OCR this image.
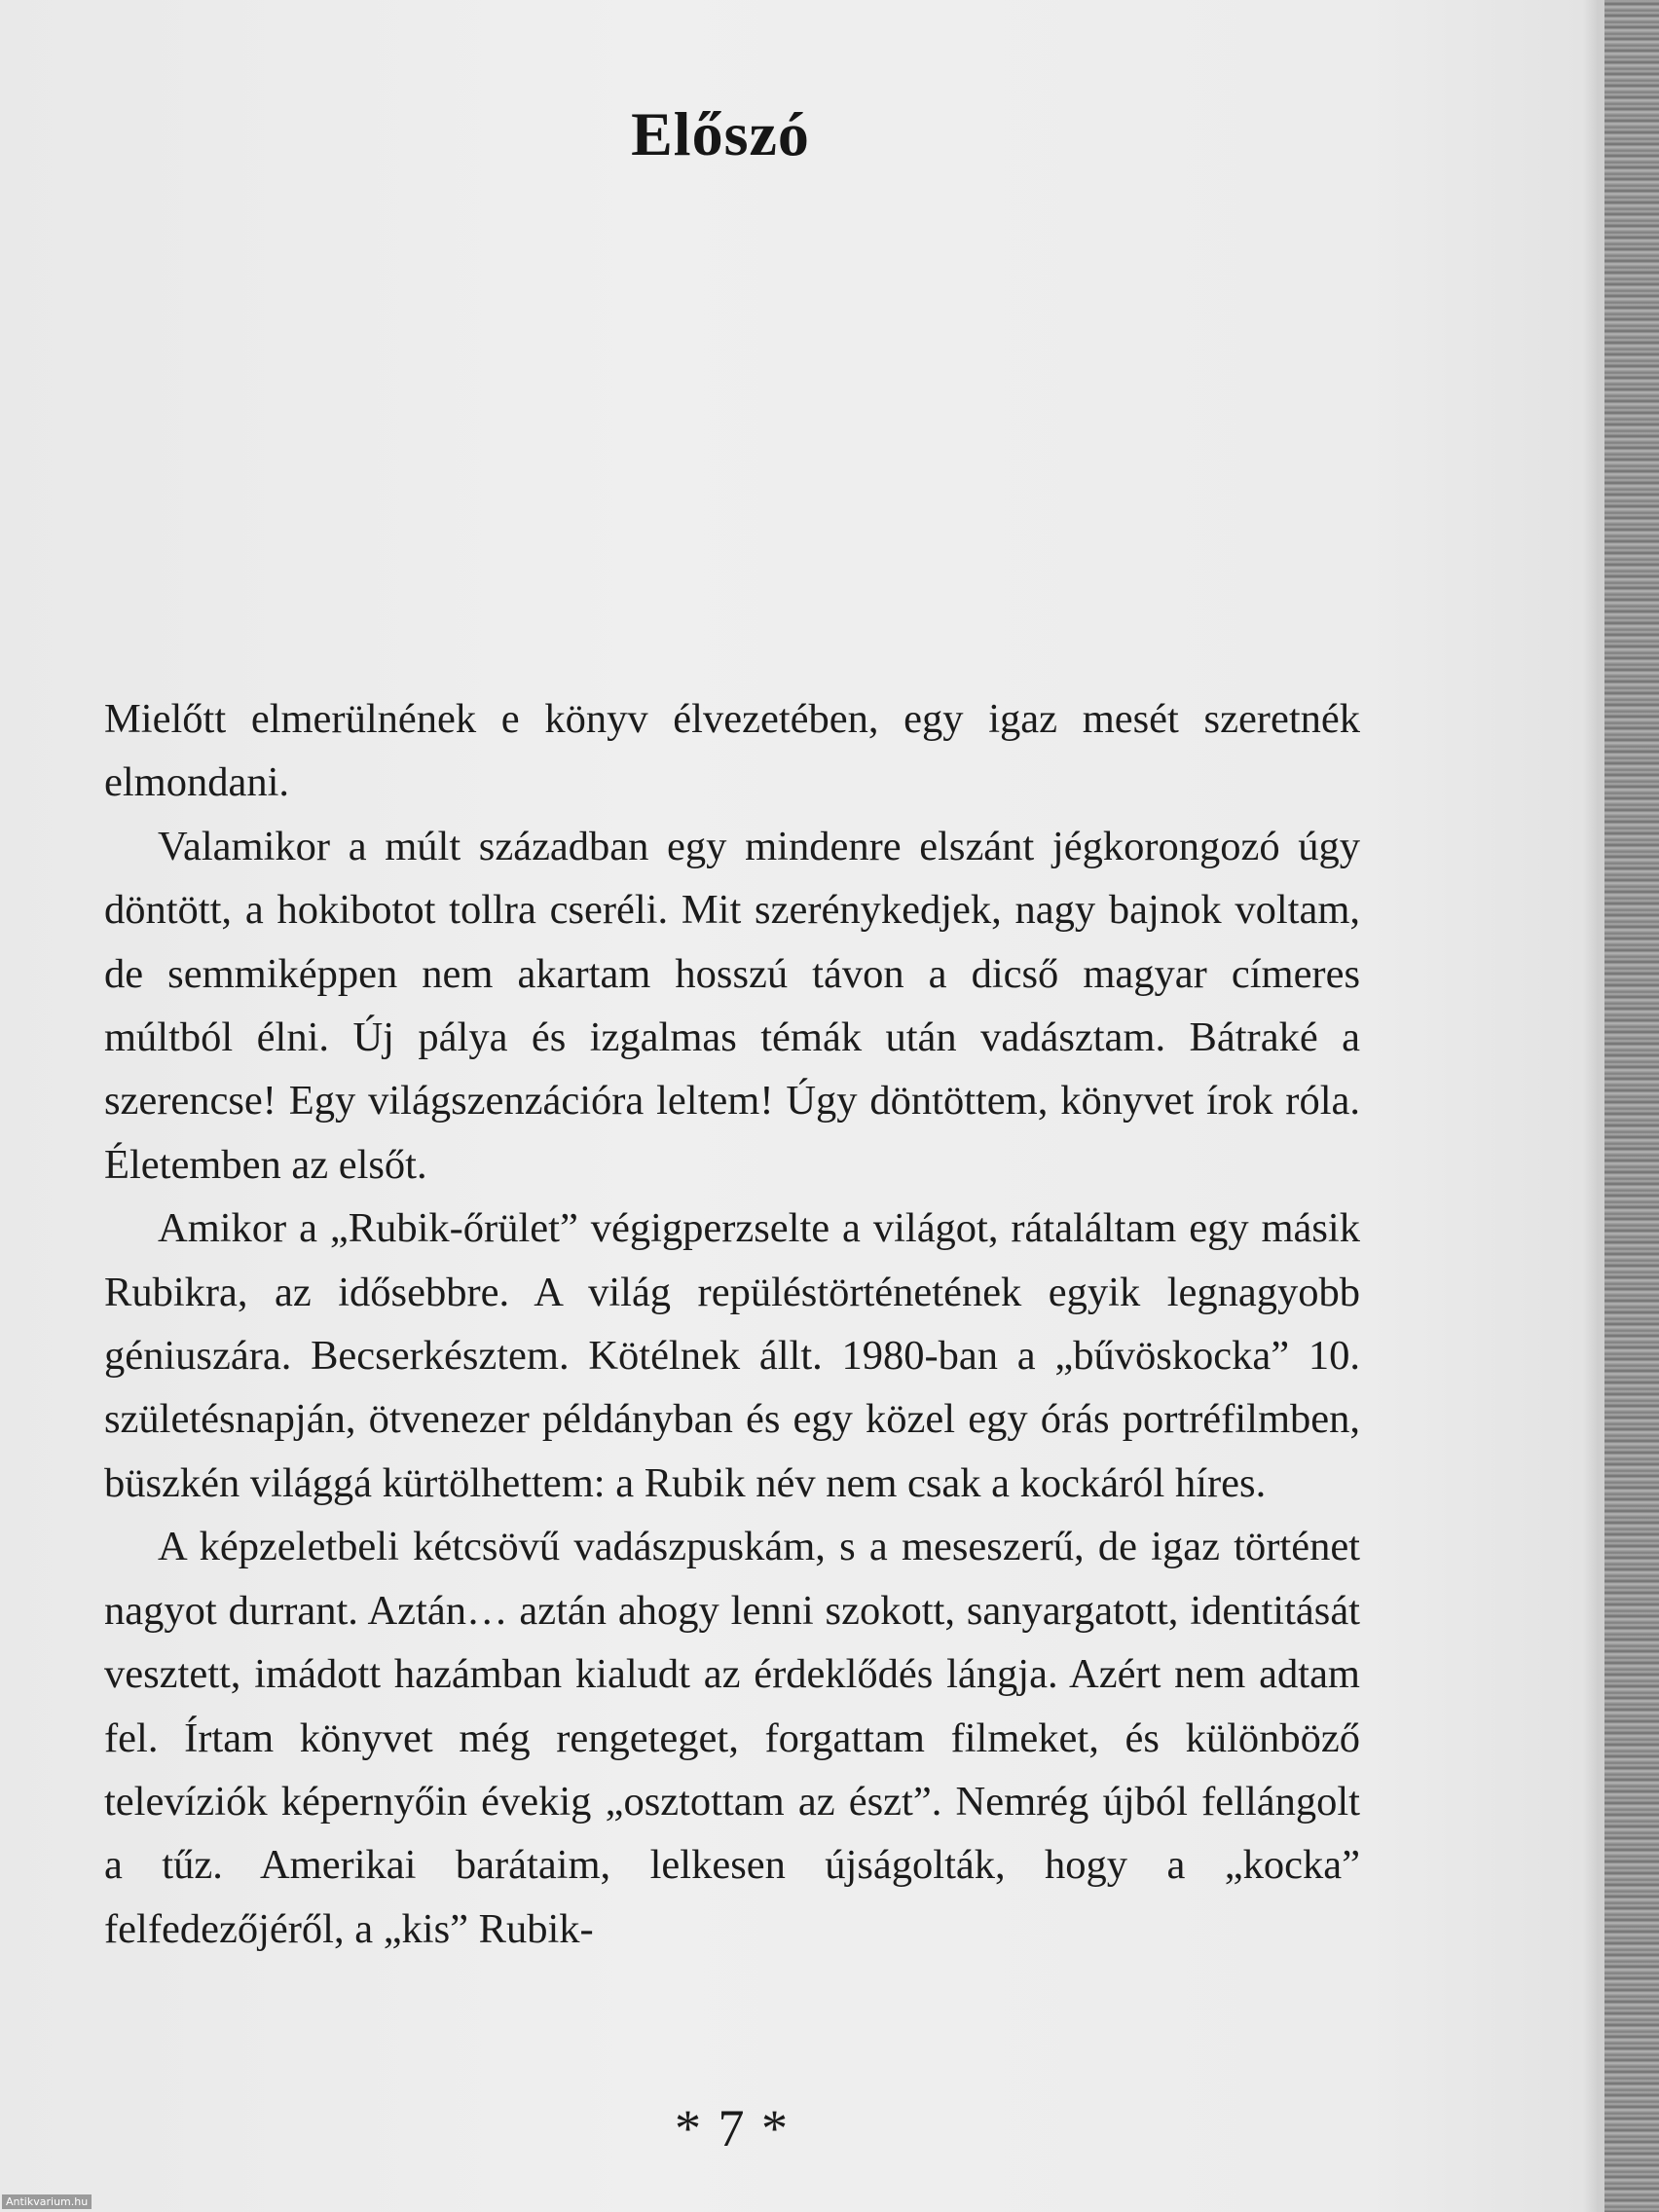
Előszó

Mielőtt elmerülnének e könyv élvezetében, egy igaz mesét szeretnék elmondani.

Valamikor a múlt században egy mindenre elszánt jégkorongozó úgy döntött, a hokibotot tollra cseréli. Mit szerénykedjek, nagy bajnok voltam, de semmiképpen nem akartam hosszú távon a dicső magyar címeres múltból élni. Új pálya és izgalmas témák után vadásztam. Bátraké a szerencse! Egy világszenzációra leltem! Úgy döntöttem, könyvet írok róla. Életemben az elsőt.

Amikor a „Rubik-őrület” végigperzselte a világot, rátaláltam egy másik Rubikra, az idősebbre. A világ repüléstörténetének egyik legnagyobb géniuszára. Becserkésztem. Kötélnek állt. 1980-ban a „bűvöskocka” 10. születésnapján, ötvenezer példányban és egy közel egy órás portréfilmben, büszkén világgá kürtölhettem: a Rubik név nem csak a kockáról híres.

A képzeletbeli kétcsövű vadászpuskám, s a meseszerű, de igaz történet nagyot durrant. Aztán… aztán ahogy lenni szokott, sanyargatott, identitását vesztett, imádott hazámban kialudt az érdeklődés lángja. Azért nem adtam fel. Írtam könyvet még rengeteget, forgattam filmeket, és különböző televíziók képernyőin évekig „osztottam az észt”. Nemrég újból fellángolt a tűz. Amerikai barátaim, lelkesen újságolták, hogy a „kocka” felfedezőjéről, a „kis” Rubik-

* 7 *
Antikvarium.hu
